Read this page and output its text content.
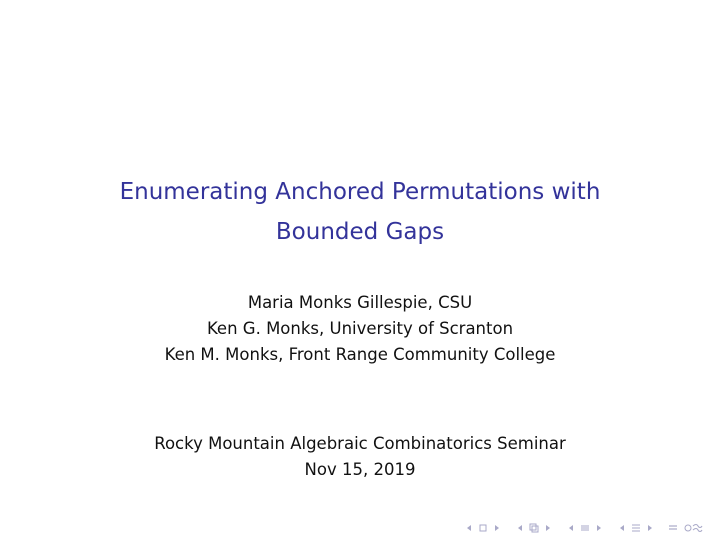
Enumerating Anchored Permutations with
Bounded Gaps
Maria Monks Gillespie, CSU
Ken G. Monks, University of Scranton
Ken M. Monks, Front Range Community College
Rocky Mountain Algebraic Combinatorics Seminar
Nov 15, 2019
